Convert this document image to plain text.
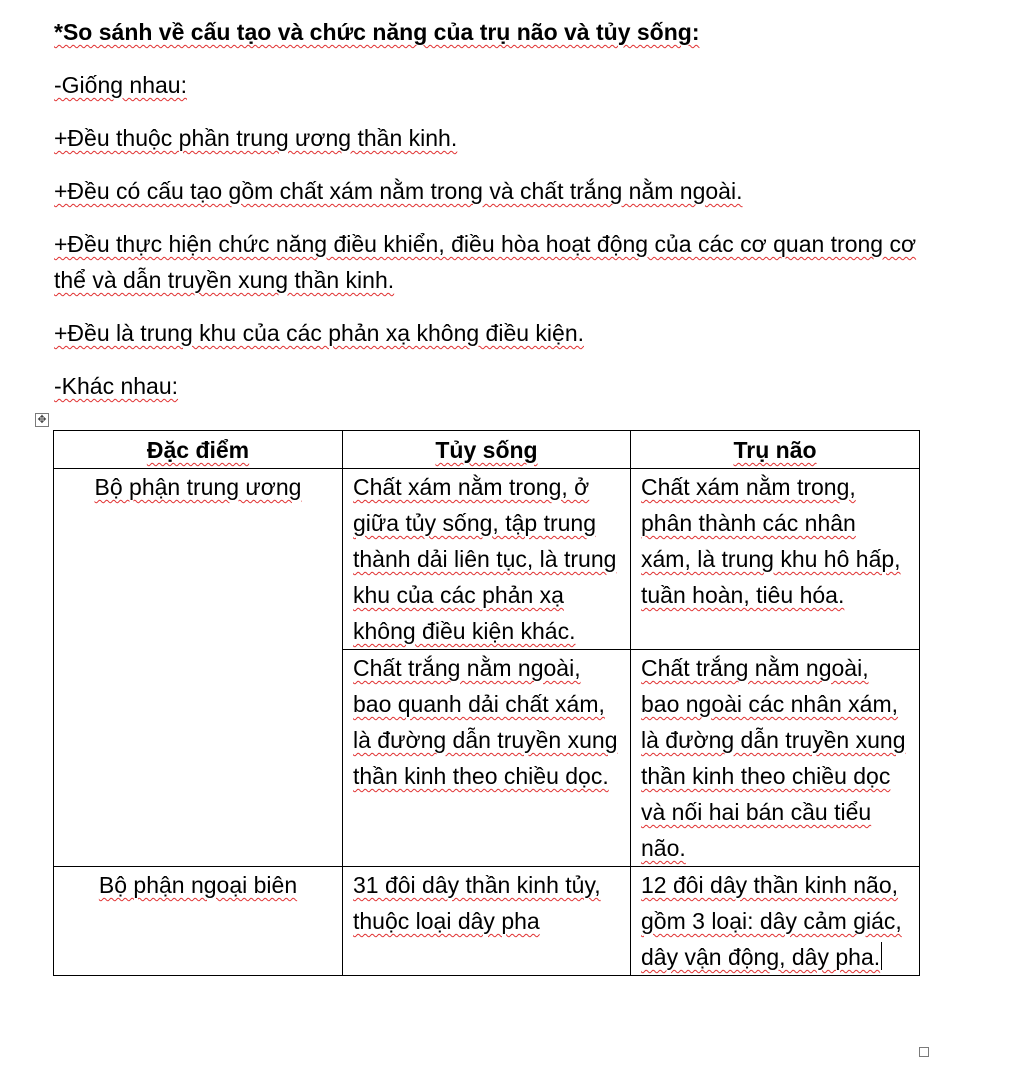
*So sánh về cấu tạo và chức năng của trụ não và tủy sống:

-Giống nhau:

+Đều thuộc phần trung ương thần kinh.

+Đều có cấu tạo gồm chất xám nằm trong và chất trắng nằm ngoài.

+Đều thực hiện chức năng điều khiển, điều hòa hoạt động của các cơ quan trong cơ thể và dẫn truyền xung thần kinh.

+Đều là trung khu của các phản xạ không điều kiện.

-Khác nhau:

✥
Đặc điểm	Tủy sống	Trụ não
Bộ phận trung ương	Chất xám nằm trong, ở giữa tủy sống, tập trung thành dải liên tục, là trung khu của các phản xạ không điều kiện khác.	Chất xám nằm trong, phân thành các nhân xám, là trung khu hô hấp, tuần hoàn, tiêu hóa.

	Chất trắng nằm ngoài, bao quanh dải chất xám, là đường dẫn truyền xung thần kinh theo chiều dọc.	Chất trắng nằm ngoài, bao ngoài các nhân xám, là đường dẫn truyền xung thần kinh theo chiều dọc và nối hai bán cầu tiểu não.

Bộ phận ngoại biên	31 đôi dây thần kinh tủy, thuộc loại dây pha	12 đôi dây thần kinh não, gồm 3 loại: dây cảm giác, dây vận động, dây pha.
